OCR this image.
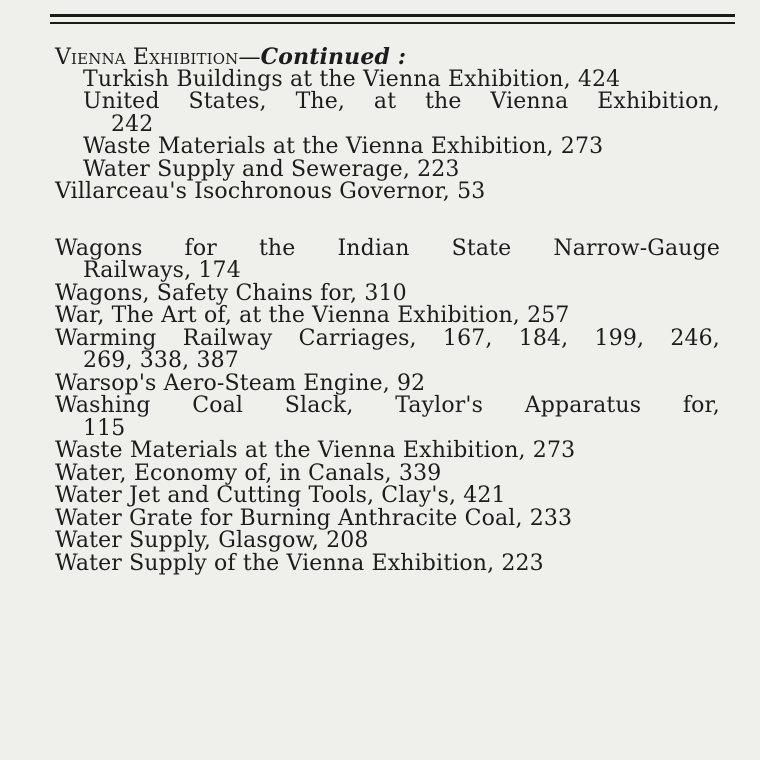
Vienna Exhibition—Continued :
Turkish Buildings at the Vienna Exhibition, 424
United States, The, at the Vienna Exhibition,
242
Waste Materials at the Vienna Exhibition, 273
Water Supply and Sewerage, 223
Villarceau's Isochronous Governor, 53
Wagons for the Indian State Narrow-Gauge
Railways, 174
Wagons, Safety Chains for, 310
War, The Art of, at the Vienna Exhibition, 257
Warming Railway Carriages, 167, 184, 199, 246,
269, 338, 387
Warsop's Aero-Steam Engine, 92
Washing Coal Slack, Taylor's Apparatus for,
115
Waste Materials at the Vienna Exhibition, 273
Water, Economy of, in Canals, 339
Water Jet and Cutting Tools, Clay's, 421
Water Grate for Burning Anthracite Coal, 233
Water Supply, Glasgow, 208
Water Supply of the Vienna Exhibition, 223
